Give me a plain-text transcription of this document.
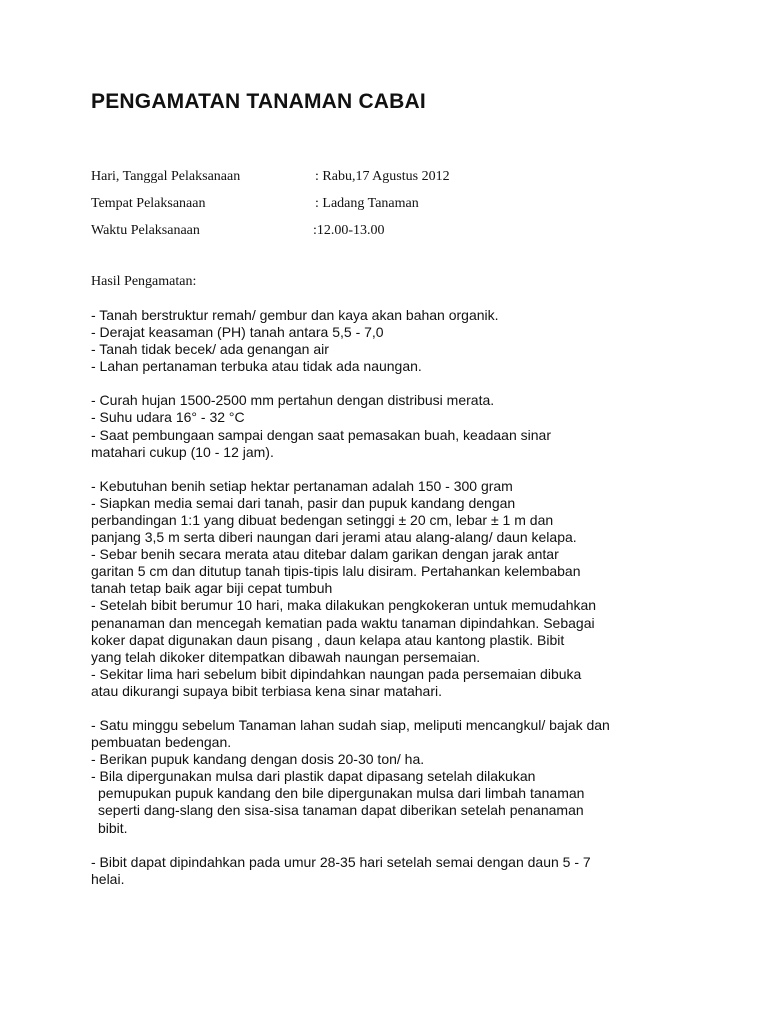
PENGAMATAN TANAMAN CABAI
Hari, Tanggal Pelaksanaan	: Rabu,17 Agustus 2012
Tempat Pelaksanaan	: Ladang Tanaman
Waktu Pelaksanaan	:12.00-13.00
Hasil Pengamatan:
- Tanah berstruktur remah/ gembur dan kaya akan bahan organik.
- Derajat keasaman (PH) tanah antara 5,5 - 7,0
- Tanah tidak becek/ ada genangan air
- Lahan pertanaman terbuka atau tidak ada naungan.
- Curah hujan 1500-2500 mm pertahun dengan distribusi merata.
- Suhu udara 16° - 32 °C
- Saat pembungaan sampai dengan saat pemasakan buah, keadaan sinar
matahari cukup (10 - 12 jam).
- Kebutuhan benih setiap hektar pertanaman adalah 150 - 300 gram
- Siapkan media semai dari tanah, pasir dan pupuk kandang dengan
perbandingan 1:1 yang dibuat bedengan setinggi ± 20 cm, lebar ± 1 m dan
panjang 3,5 m serta diberi naungan dari jerami atau alang-alang/ daun kelapa.
- Sebar benih secara merata atau ditebar dalam garikan dengan jarak antar
garitan 5 cm dan ditutup tanah tipis-tipis lalu disiram. Pertahankan kelembaban
tanah tetap baik agar biji cepat tumbuh
- Setelah bibit berumur 10 hari, maka dilakukan pengkokeran untuk memudahkan
penanaman dan mencegah kematian pada waktu tanaman dipindahkan. Sebagai
koker dapat digunakan daun pisang , daun kelapa atau kantong plastik. Bibit
yang telah dikoker ditempatkan dibawah naungan persemaian.
- Sekitar lima hari sebelum bibit dipindahkan naungan pada persemaian dibuka
atau dikurangi supaya bibit terbiasa kena sinar matahari.
- Satu minggu sebelum Tanaman lahan sudah siap, meliputi mencangkul/ bajak dan
pembuatan bedengan.
- Berikan pupuk kandang dengan dosis 20-30 ton/ ha.
- Bila dipergunakan mulsa dari plastik dapat dipasang setelah dilakukan
pemupukan pupuk kandang den bile dipergunakan mulsa dari limbah tanaman
seperti dang-slang den sisa-sisa tanaman dapat diberikan setelah penanaman
bibit.
- Bibit dapat dipindahkan pada umur 28-35 hari setelah semai dengan daun 5 - 7
helai.
